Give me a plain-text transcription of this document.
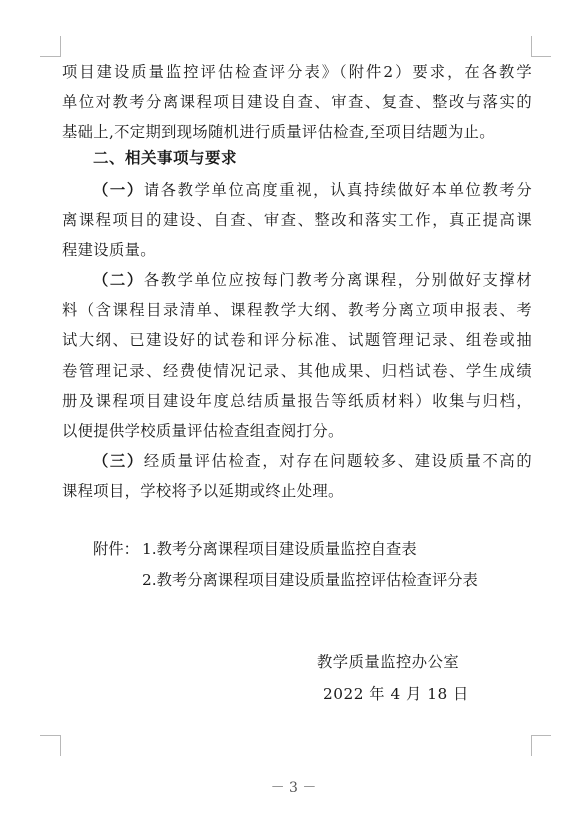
项目建设质量监控评估检查评分表》（附件2）要求，在各教学
单位对教考分离课程项目建设自查、审查、复查、整改与落实的
基础上,不定期到现场随机进行质量评估检查,至项目结题为止。

二、相关事项与要求

（一）请各教学单位高度重视，认真持续做好本单位教考分
离课程项目的建设、自查、审查、整改和落实工作，真正提高课
程建设质量。

（二）各教学单位应按每门教考分离课程，分别做好支撑材
料（含课程目录清单、课程教学大纲、教考分离立项申报表、考
试大纲、已建设好的试卷和评分标准、试题管理记录、组卷或抽
卷管理记录、经费使情况记录、其他成果、归档试卷、学生成绩
册及课程项目建设年度总结质量报告等纸质材料）收集与归档，
以便提供学校质量评估检查组查阅打分。

（三）经质量评估检查，对存在问题较多、建设质量不高的
课程项目，学校将予以延期或终止处理。

附件： 1.教考分离课程项目建设质量监控自查表
2.教考分离课程项目建设质量监控评估检查评分表
教学质量监控办公室
2022 年 4 月 18 日
－ 3 －
